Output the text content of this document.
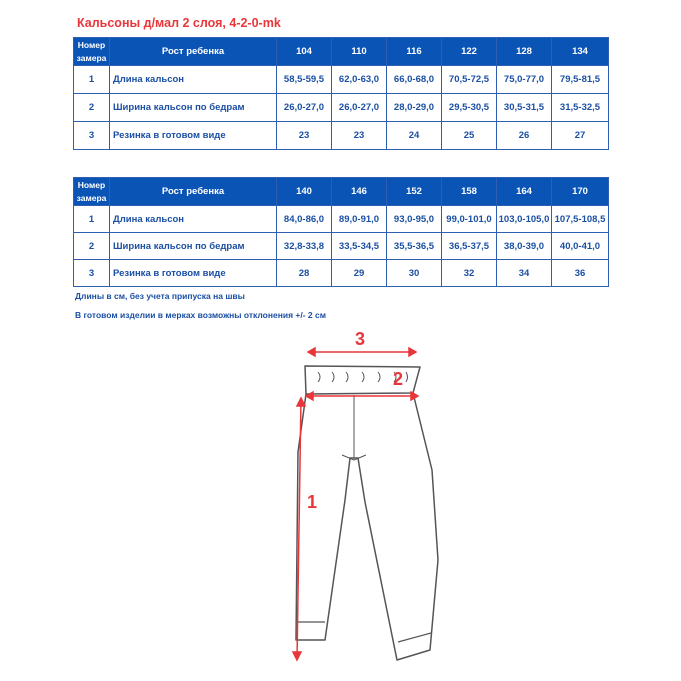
Кальсоны д/мал 2 слоя, 4-2-0-mk
Номер замера	Рост ребенка	104	110	116	122	128	134
1	Длина кальсон	58,5-59,5	62,0-63,0	66,0-68,0	70,5-72,5	75,0-77,0	79,5-81,5
2	Ширина кальсон по бедрам	26,0-27,0	26,0-27,0	28,0-29,0	29,5-30,5	30,5-31,5	31,5-32,5
3	Резинка в готовом виде	23	23	24	25	26	27
Номер замера	Рост ребенка	140	146	152	158	164	170
1	Длина кальсон	84,0-86,0	89,0-91,0	93,0-95,0	99,0-101,0	103,0-105,0	107,5-108,5
2	Ширина кальсон по бедрам	32,8-33,8	33,5-34,5	35,5-36,5	36,5-37,5	38,0-39,0	40,0-41,0
3	Резинка в готовом виде	28	29	30	32	34	36
Длины в см, без учета припуска на швы
В готовом изделии в мерках возможны отклонения +/- 2 см
3
2
1
